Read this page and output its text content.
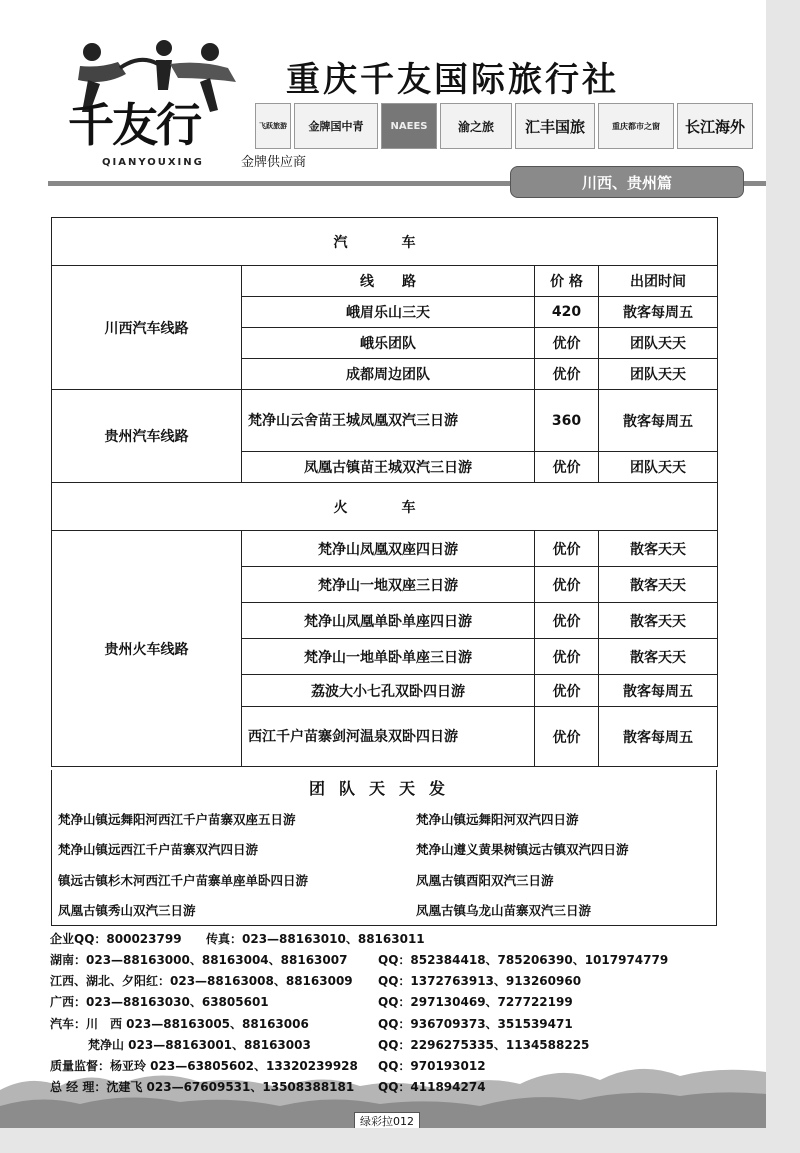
千友行
QIANYOUXING
重庆千友国际旅行社
飞跃旅游	金牌国中青	NAEES	渝之旅	汇丰国旅	重庆都市之窗	长江海外
金牌供应商
川西、贵州篇
汽　车			
川西汽车线路	线　　路	价 格	出团时间
	峨眉乐山三天	420	散客每周五
	峨乐团队	优价	团队天天
	成都周边团队	优价	团队天天
贵州汽车线路	梵净山云舍苗王城凤凰双汽三日游	360	散客每周五
	凤凰古镇苗王城双汽三日游	优价	团队天天
火　车			
贵州火车线路	梵净山凤凰双座四日游	优价	散客天天
	梵净山一地双座三日游	优价	散客天天
	梵净山凤凰单卧单座四日游	优价	散客天天
	梵净山一地单卧单座三日游	优价	散客天天
	荔波大小七孔双卧四日游	优价	散客每周五
	西江千户苗寨剑河温泉双卧四日游	优价	散客每周五
团队天天发
梵净山镇远舞阳河西江千户苗寨双座五日游	梵净山镇远舞阳河双汽四日游
梵净山镇远西江千户苗寨双汽四日游	梵净山遵义黄果树镇远古镇双汽四日游
镇远古镇杉木河西江千户苗寨单座单卧四日游	凤凰古镇酉阳双汽三日游
凤凰古镇秀山双汽三日游	凤凰古镇乌龙山苗寨双汽三日游
企业QQ：800023799 传真：023—88163010、88163011
湖南：023—88163000、88163004、88163007
江西、湖北、夕阳红：023—88163008、88163009
广西：023—88163030、63805601
汽车：川　西 023—88163005、88163006
梵净山 023—88163001、88163003
质量监督：杨亚玲 023—63805602、13320239928
总 经 理：沈建飞 023—67609531、13508388181
QQ：852384418、785206390、1017974779
QQ：1372763913、913260960
QQ：297130469、727722199
QQ：936709373、351539471
QQ：2296275335、1134588225
QQ：970193012
QQ：411894274
绿彩拉012
